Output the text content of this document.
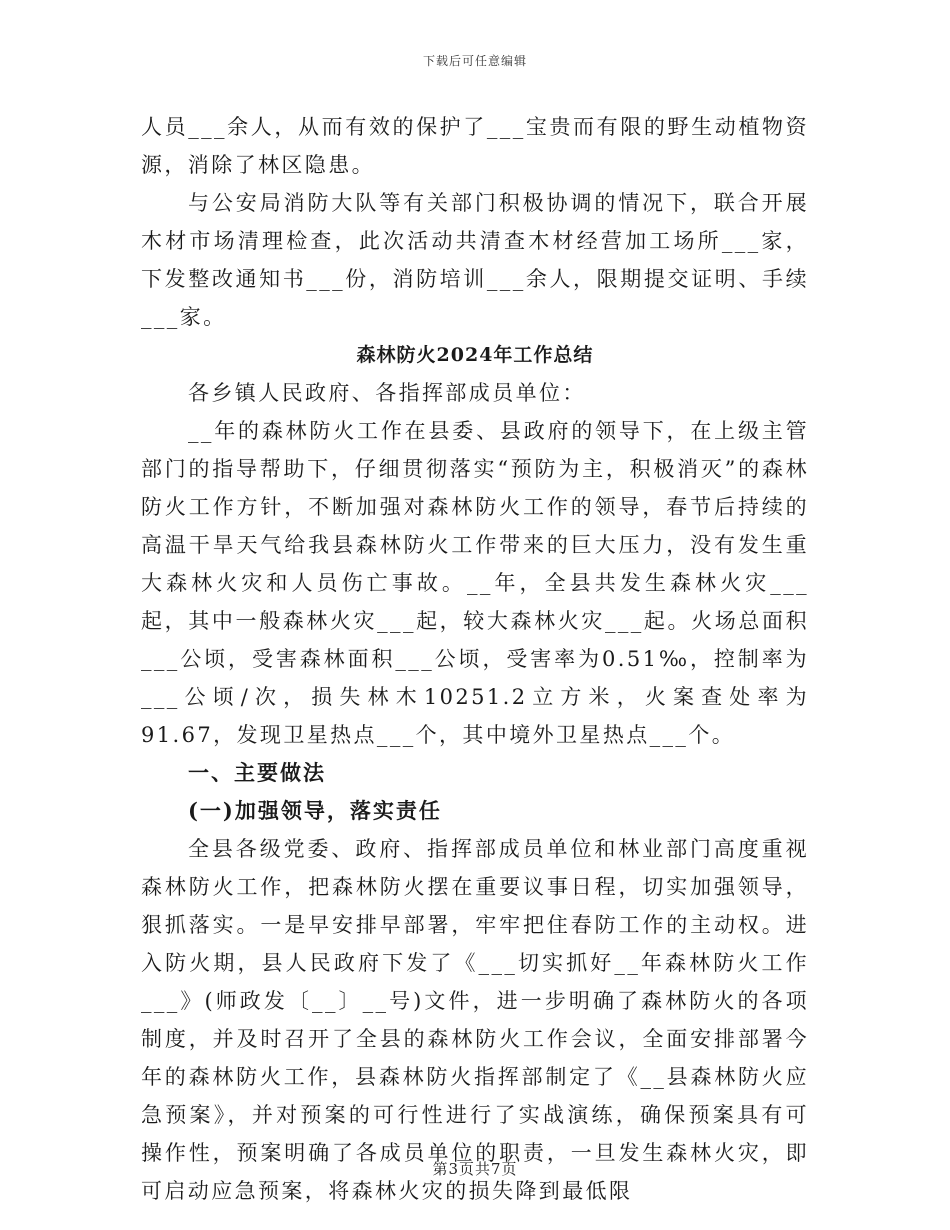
下载后可任意编辑

人员___余人，从而有效的保护了___宝贵而有限的野生动植物资源，消除了林区隐患。

与公安局消防大队等有关部门积极协调的情况下，联合开展木材市场清理检查，此次活动共清查木材经营加工场所___家，下发整改通知书___份，消防培训___余人，限期提交证明、手续___家。

森林防火2024年工作总结

各乡镇人民政府、各指挥部成员单位：

__年的森林防火工作在县委、县政府的领导下，在上级主管部门的指导帮助下，仔细贯彻落实“预防为主，积极消灭”的森林防火工作方针，不断加强对森林防火工作的领导，春节后持续的高温干旱天气给我县森林防火工作带来的巨大压力，没有发生重大森林火灾和人员伤亡事故。__年，全县共发生森林火灾___起，其中一般森林火灾___起，较大森林火灾___起。火场总面积___公顷，受害森林面积___公顷，受害率为0.51‰，控制率为___公顷/次，损失林木10251.2立方米，火案查处率为91.67，发现卫星热点___个，其中境外卫星热点___个。

一、主要做法

(一)加强领导，落实责任

全县各级党委、政府、指挥部成员单位和林业部门高度重视森林防火工作，把森林防火摆在重要议事日程，切实加强领导，狠抓落实。一是早安排早部署，牢牢把住春防工作的主动权。进入防火期，县人民政府下发了《___切实抓好__年森林防火工作___》(师政发〔__〕__号)文件，进一步明确了森林防火的各项制度，并及时召开了全县的森林防火工作会议，全面安排部署今年的森林防火工作，县森林防火指挥部制定了《__县森林防火应急预案》，并对预案的可行性进行了实战演练，确保预案具有可操作性，预案明确了各成员单位的职责，一旦发生森林火灾，即可启动应急预案，将森林火灾的损失降到最低限

第3页共7页
